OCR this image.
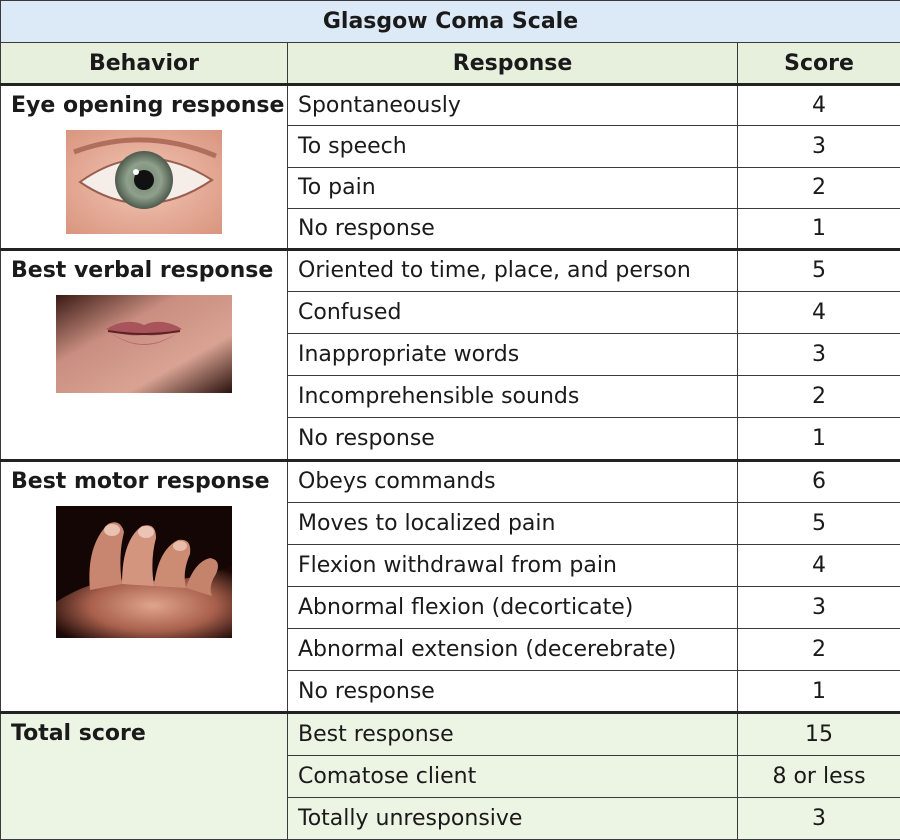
Glasgow Coma Scale		
Behavior	Response	Score

Eye opening response	Spontaneously	4
	To speech	3
	To pain	2
	No response	1

Best verbal response	Oriented to time, place, and person	5
	Confused	4
	Inappropriate words	3
	Incomprehensible sounds	2
	No response	1

Best motor response	Obeys commands	6
	Moves to localized pain	5
	Flexion withdrawal from pain	4
	Abnormal flexion (decorticate)	3
	Abnormal extension (decerebrate)	2
	No response	1

Total score	Best response	15
	Comatose client	8 or less
	Totally unresponsive	3
